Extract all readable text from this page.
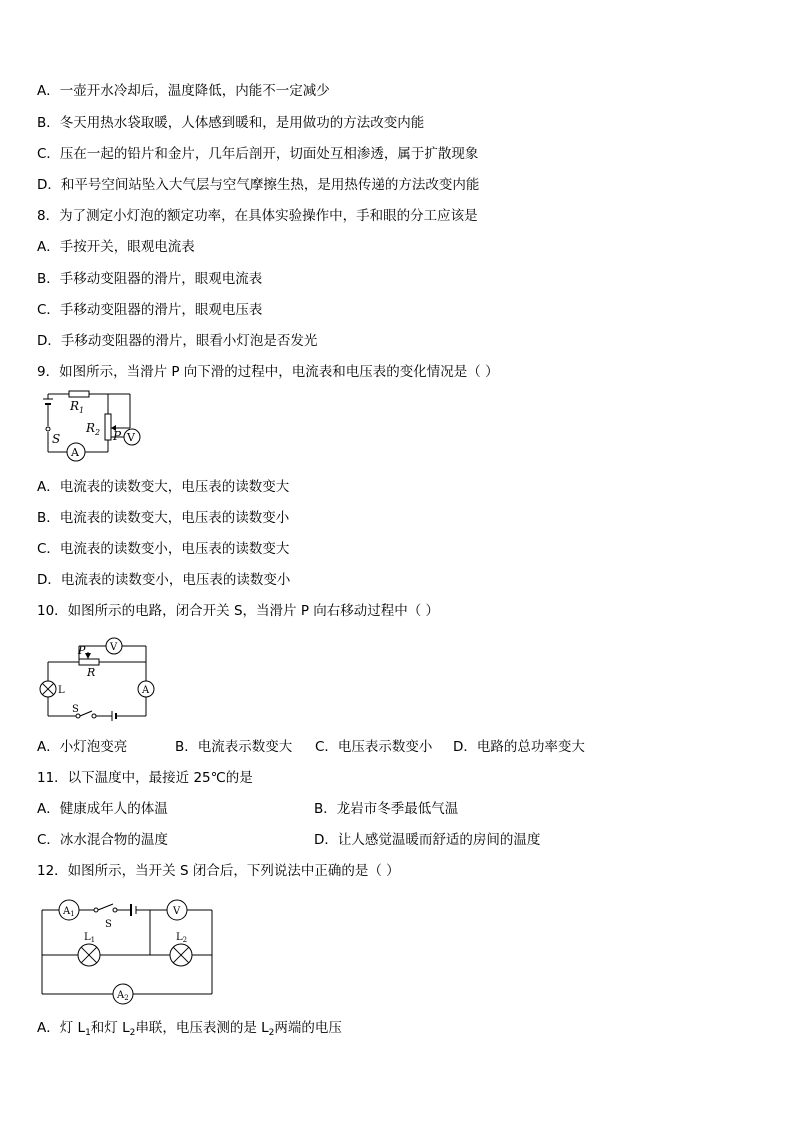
A．一壶开水冷却后，温度降低，内能不一定减少
B．冬天用热水袋取暖，人体感到暖和，是用做功的方法改变内能
C．压在一起的铅片和金片，几年后剖开，切面处互相渗透，属于扩散现象
D．和平号空间站坠入大气层与空气摩擦生热，是用热传递的方法改变内能
8．为了测定小灯泡的额定功率，在具体实验操作中，手和眼的分工应该是
A．手按开关，眼观电流表
B．手移动变阻器的滑片，眼观电流表
C．手移动变阻器的滑片，眼观电压表
D．手移动变阻器的滑片，眼看小灯泡是否发光
9．如图所示，当滑片 P 向下滑的过程中，电流表和电压表的变化情况是（ ）
$R_1$
$R_2$ P V
S
A
A．电流表的读数变大，电压表的读数变大
B．电流表的读数变大，电压表的读数变小
C．电流表的读数变小，电压表的读数变大
D．电流表的读数变小，电压表的读数变小
10．如图所示的电路，闭合开关 S，当滑片 P 向右移动过程中（ ）
V
P
R
L	A
S
A．小灯泡变亮	B．电流表示数变大 C．电压表示数变小 D．电路的总功率变大
11．以下温度中，最接近 25℃的是
A．健康成年人的体温	B．龙岩市冬季最低气温
C．冰水混合物的温度	D．让人感觉温暖而舒适的房间的温度
12．如图所示，当开关 S 闭合后，下列说法中正确的是（ ）
$A_1$
S
V
$L_1$	$L_2$
$A_2$
A．灯 $L_1$和灯 $L_2$串联，电压表测的是 $L_2$两端的电压
